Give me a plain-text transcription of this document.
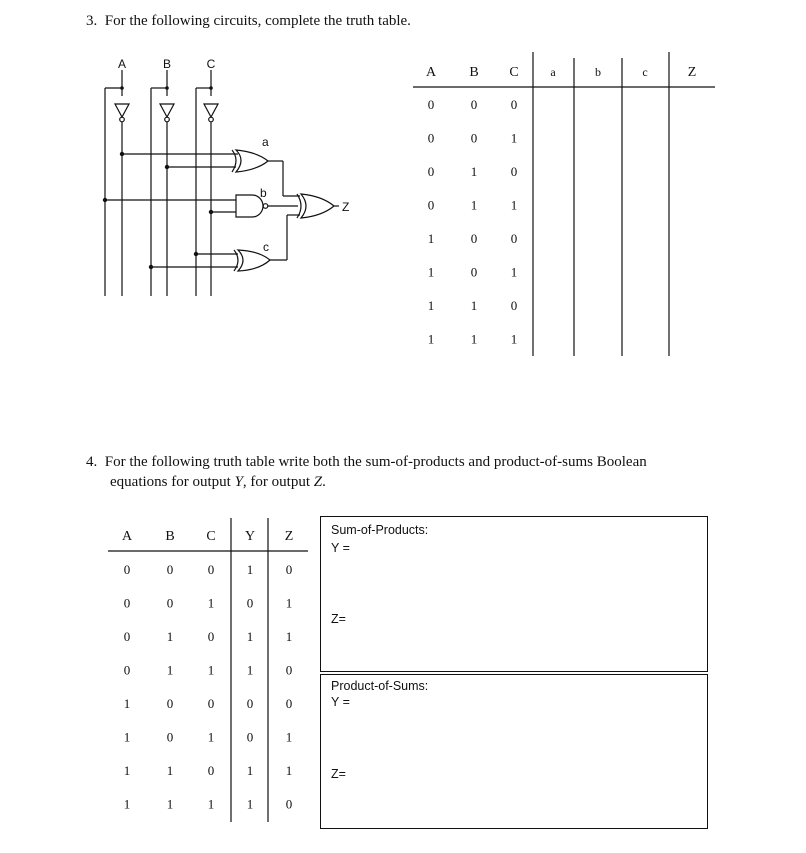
3. For the following circuits, complete the truth table.
A	B	C
a
b
c
Z
A B C	a	b	c	Z
0	0	0
0	0	1
0	1	0
0	1	1
1	0	0
1	0	1
1	1	0
1	1	1
4. For the following truth table write both the sum-of-products and product-of-sums Boolean
equations for output Y, for output Z.
A B C Y Z
0	0	0	1	0
0	0	1	0	1
0	1	0	1	1
0	1	1	1	0
1	0	0	0	0
1	0	1	0	1
1	1	0	1	1
1	1	1	1	0
Sum-of-Products:
Y =
Z=
Product-of-Sums:
Y =
Z=
